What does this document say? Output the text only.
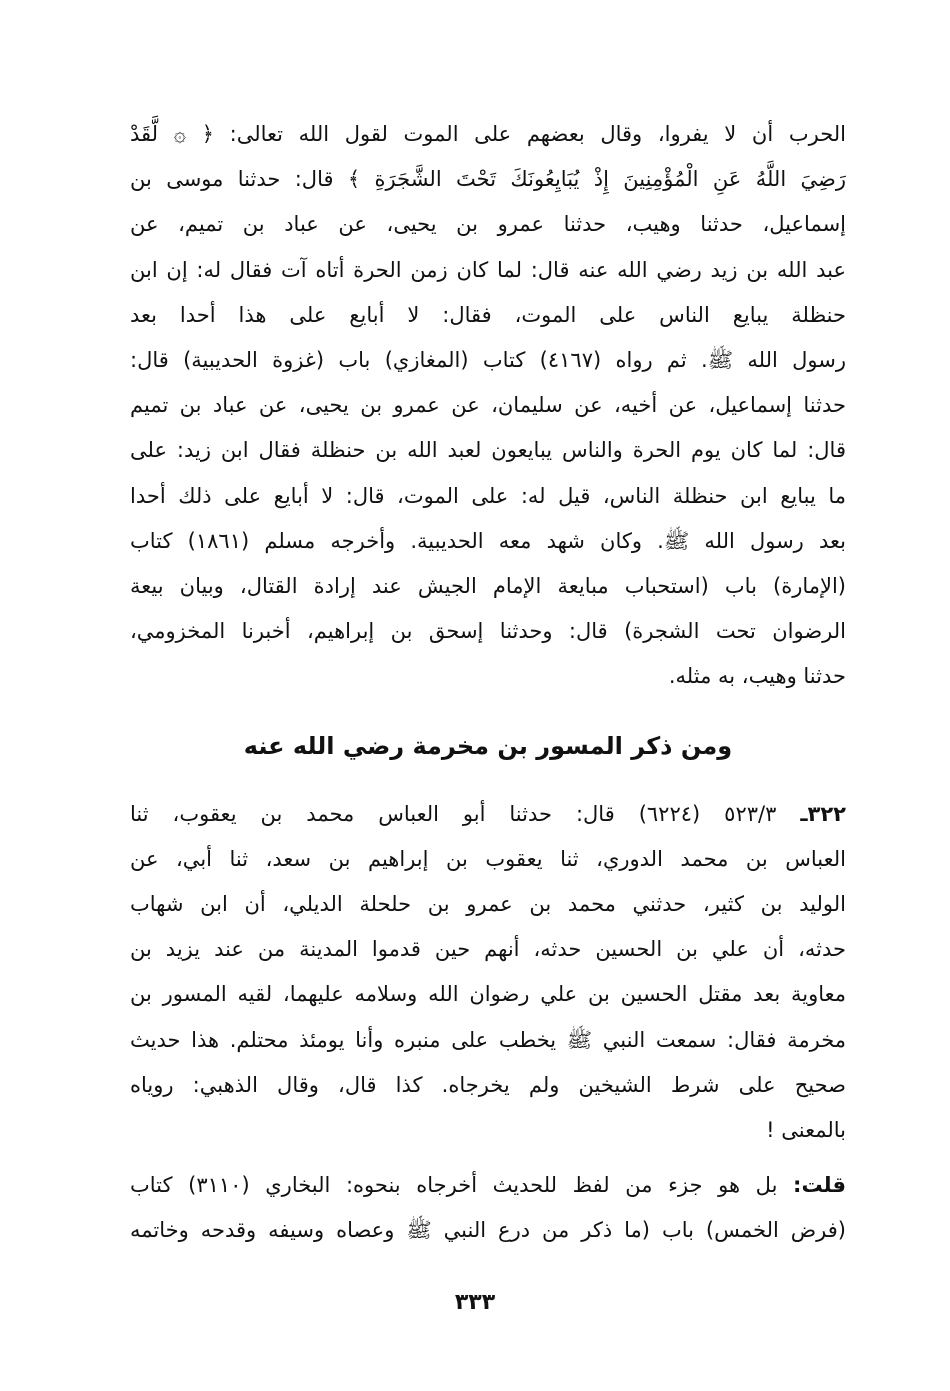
الحرب أن لا يفروا، وقال بعضهم على الموت لقول الله تعالى: ﴿ ۞ لَّقَدْ
رَضِيَ اللَّهُ عَنِ الْمُؤْمِنِينَ إِذْ يُبَايِعُونَكَ تَحْتَ الشَّجَرَةِ ﴾ قال: حدثنا موسى بن
إسماعيل، حدثنا وهيب، حدثنا عمرو بن يحيى، عن عباد بن تميم، عن
عبد الله بن زيد رضي الله عنه قال: لما كان زمن الحرة أتاه آت فقال له: إن ابن
حنظلة يبايع الناس على الموت، فقال: لا أبايع على هذا أحدا بعد
رسول الله ﷺ. ثم رواه (٤١٦٧) كتاب (المغازي) باب (غزوة الحديبية) قال:
حدثنا إسماعيل، عن أخيه، عن سليمان، عن عمرو بن يحيى، عن عباد بن تميم
قال: لما كان يوم الحرة والناس يبايعون لعبد الله بن حنظلة فقال ابن زيد: على
ما يبايع ابن حنظلة الناس، قيل له: على الموت، قال: لا أبايع على ذلك أحدا
بعد رسول الله ﷺ. وكان شهد معه الحديبية. وأخرجه مسلم (١٨٦١) كتاب
(الإمارة) باب (استحباب مبايعة الإمام الجيش عند إرادة القتال، وبيان بيعة
الرضوان تحت الشجرة) قال: وحدثنا إسحق بن إبراهيم، أخبرنا المخزومي،
حدثنا وهيب، به مثله.

ومن ذكر المسور بن مخرمة رضي الله عنه

٣٢٢ـ ٥٢٣/٣ (٦٢٢٤) قال: حدثنا أبو العباس محمد بن يعقوب، ثنا
العباس بن محمد الدوري، ثنا يعقوب بن إبراهيم بن سعد، ثنا أبي، عن
الوليد بن كثير، حدثني محمد بن عمرو بن حلحلة الديلي، أن ابن شهاب
حدثه، أن علي بن الحسين حدثه، أنهم حين قدموا المدينة من عند يزيد بن
معاوية بعد مقتل الحسين بن علي رضوان الله وسلامه عليهما، لقيه المسور بن
مخرمة فقال: سمعت النبي ﷺ يخطب على منبره وأنا يومئذ محتلم. هذا حديث
صحيح على شرط الشيخين ولم يخرجاه. كذا قال، وقال الذهبي: روياه
بالمعنى !

قلت: بل هو جزء من لفظ للحديث أخرجاه بنحوه: البخاري (٣١١٠) كتاب
(فرض الخمس) باب (ما ذكر من درع النبي ﷺ وعصاه وسيفه وقدحه وخاتمه

٣٣٣
